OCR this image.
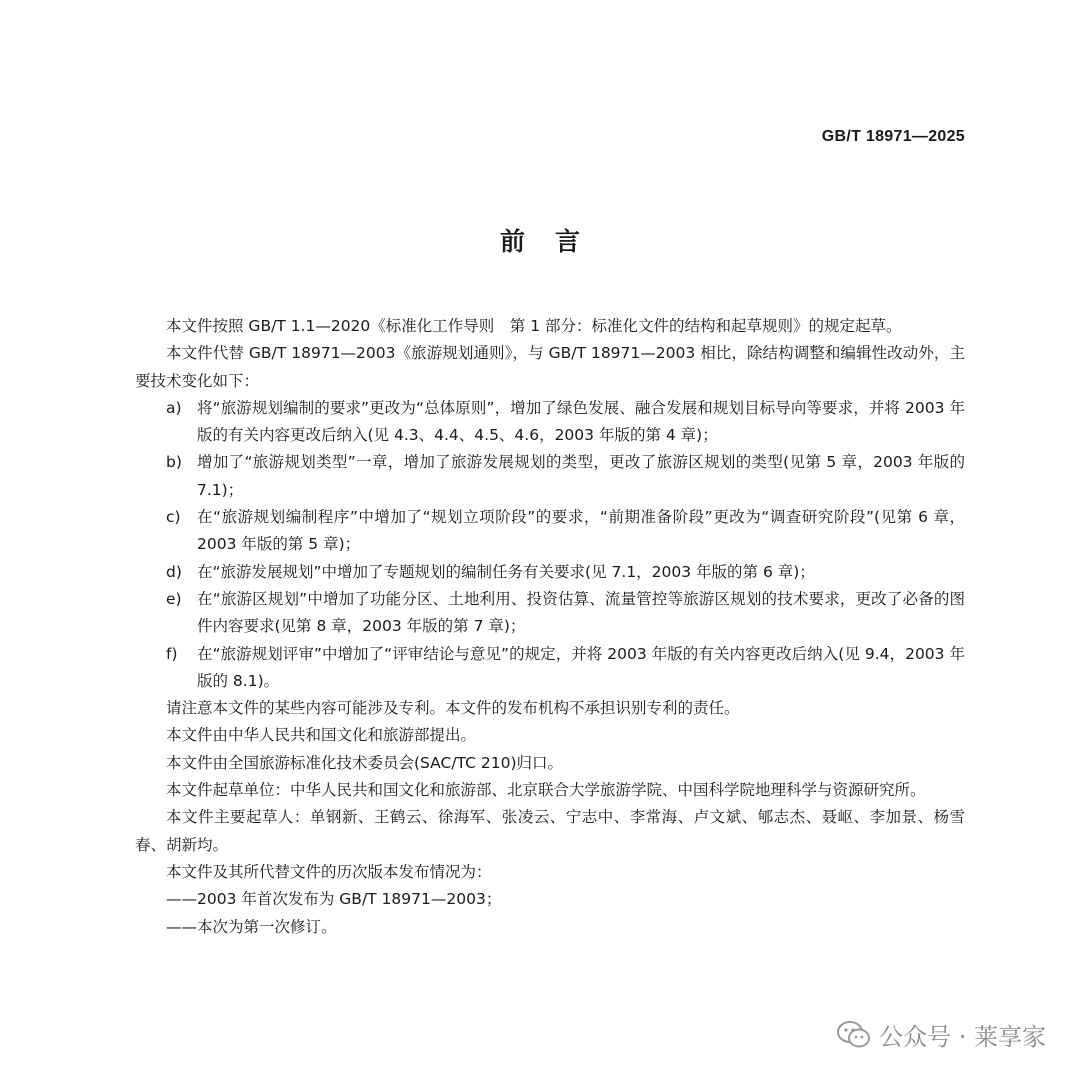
GB/T 18971—2025
前言

本文件按照 GB/T 1.1—2020《标准化工作导则　第 1 部分：标准化文件的结构和起草规则》的规定起草。

本文件代替 GB/T 18971—2003《旅游规划通则》，与 GB/T 18971—2003 相比，除结构调整和编辑性改动外，主要技术变化如下：

a) 将“旅游规划编制的要求”更改为“总体原则”，增加了绿色发展、融合发展和规划目标导向等要求，并将 2003 年版的有关内容更改后纳入(见 4.3、4.4、4.5、4.6，2003 年版的第 4 章)；
b) 增加了“旅游规划类型”一章，增加了旅游发展规划的类型，更改了旅游区规划的类型(见第 5 章，2003 年版的 7.1)；
c)	在“旅游规划编制程序”中增加了“规划立项阶段”的要求，“前期准备阶段”更改为“调查研究阶段”(见第 6 章，2003 年版的第 5 章)；
d) 在“旅游发展规划”中增加了专题规划的编制任务有关要求(见 7.1，2003 年版的第 6 章)；
e) 在“旅游区规划”中增加了功能分区、土地利用、投资估算、流量管控等旅游区规划的技术要求，更改了必备的图件内容要求(见第 8 章，2003 年版的第 7 章)；
f)	在“旅游规划评审”中增加了“评审结论与意见”的规定，并将 2003 年版的有关内容更改后纳入(见 9.4，2003 年版的 8.1)。

请注意本文件的某些内容可能涉及专利。本文件的发布机构不承担识别专利的责任。

本文件由中华人民共和国文化和旅游部提出。

本文件由全国旅游标准化技术委员会(SAC/TC 210)归口。

本文件起草单位：中华人民共和国文化和旅游部、北京联合大学旅游学院、中国科学院地理科学与资源研究所。

本文件主要起草人：单钢新、王鹤云、徐海军、张凌云、宁志中、李常海、卢文斌、郇志杰、聂岖、李加景、杨雪春、胡新均。

本文件及其所代替文件的历次版本发布情况为：

——2003 年首次发布为 GB/T 18971—2003；

——本次为第一次修订。

公众号 · 莱享家
